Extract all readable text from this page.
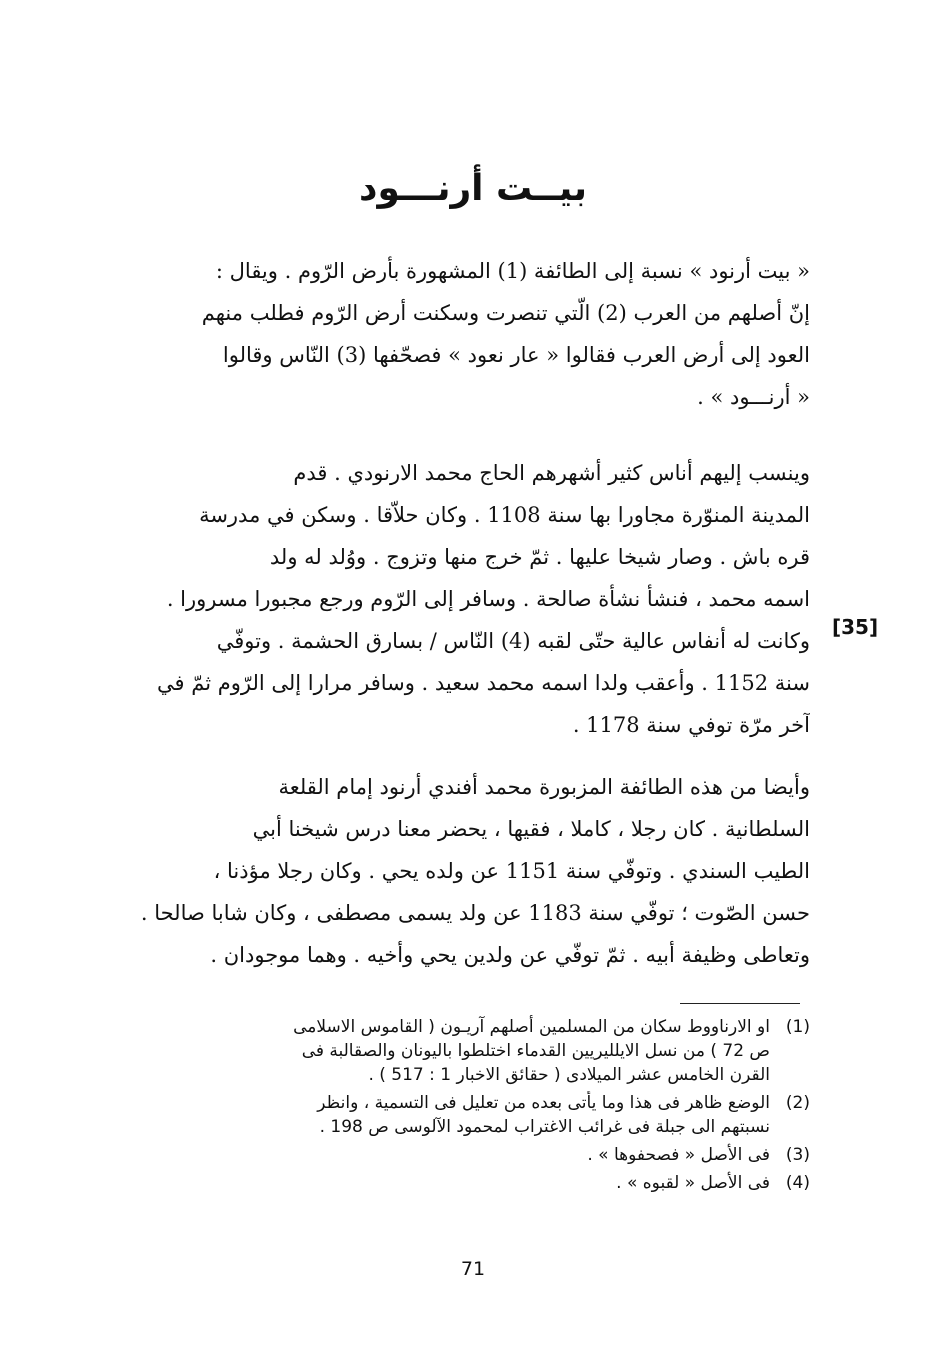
بيــت أرنـــود
« بيت أرنود » نسبة إلى الطائفة (1) المشهورة بأرض الرّوم . ويقال :
إنّ أصلهم من العرب (2) الّتي تنصرت وسكنت أرض الرّوم فطلب منهم
العود إلى أرض العرب فقالوا « عار نعود » فصحّفها (3) النّاس وقالوا
« أرنـــود » .
وينسب إليهم أناس كثير أشهرهم الحاج محمد الارنودي . قدم
المدينة المنوّرة مجاورا بها سنة 1108 . وكان حلاّقا . وسكن في مدرسة
قره باش . وصار شيخا عليها . ثمّ خرج منها وتزوج . ووُلد له ولد
اسمه محمد ، فنشأ نشأة صالحة . وسافر إلى الرّوم ورجع مجبورا مسرورا .
وكانت له أنفاس عالية حتّى لقبه (4) النّاس / بسارق الحشمة . وتوفّي
سنة 1152 . وأعقب ولدا اسمه محمد سعيد . وسافر مرارا إلى الرّوم ثمّ في
آخر مرّة توفي سنة 1178 .
[35]
وأيضا من هذه الطائفة المزبورة محمد أفندي أرنود إمام القلعة
السلطانية . كان رجلا ، كاملا ، فقيها ، يحضر معنا درس شيخنا أبي
الطيب السندي . وتوفّي سنة 1151 عن ولده يحي . وكان رجلا مؤذنا ،
حسن الصّوت ؛ توفّي سنة 1183 عن ولد يسمى مصطفى ، وكان شابا صالحا .
وتعاطى وظيفة أبيه . ثمّ توفّي عن ولدين يحي وأخيه . وهما موجودان .
(1)
او الارناووط سكان من المسلمين أصلهم آريـون ( القاموس الاسلامى
ص 72 ) من نسل الايلليريين القدماء اختلطوا باليونان والصقالبة فى
القرن الخامس عشر الميلادى ( حقائق الاخبار 1 : 517 ) .
(2)
الوضع ظاهر فى هذا وما يأتى بعده من تعليل فى التسمية ، وانظر
نسبتهم الى جبلة فى غرائب الاغتراب لمحمود الآلوسى ص 198 .
(3)
فى الأصل « فصحفوها » .
(4)
فى الأصل « لقبوه » .
71
